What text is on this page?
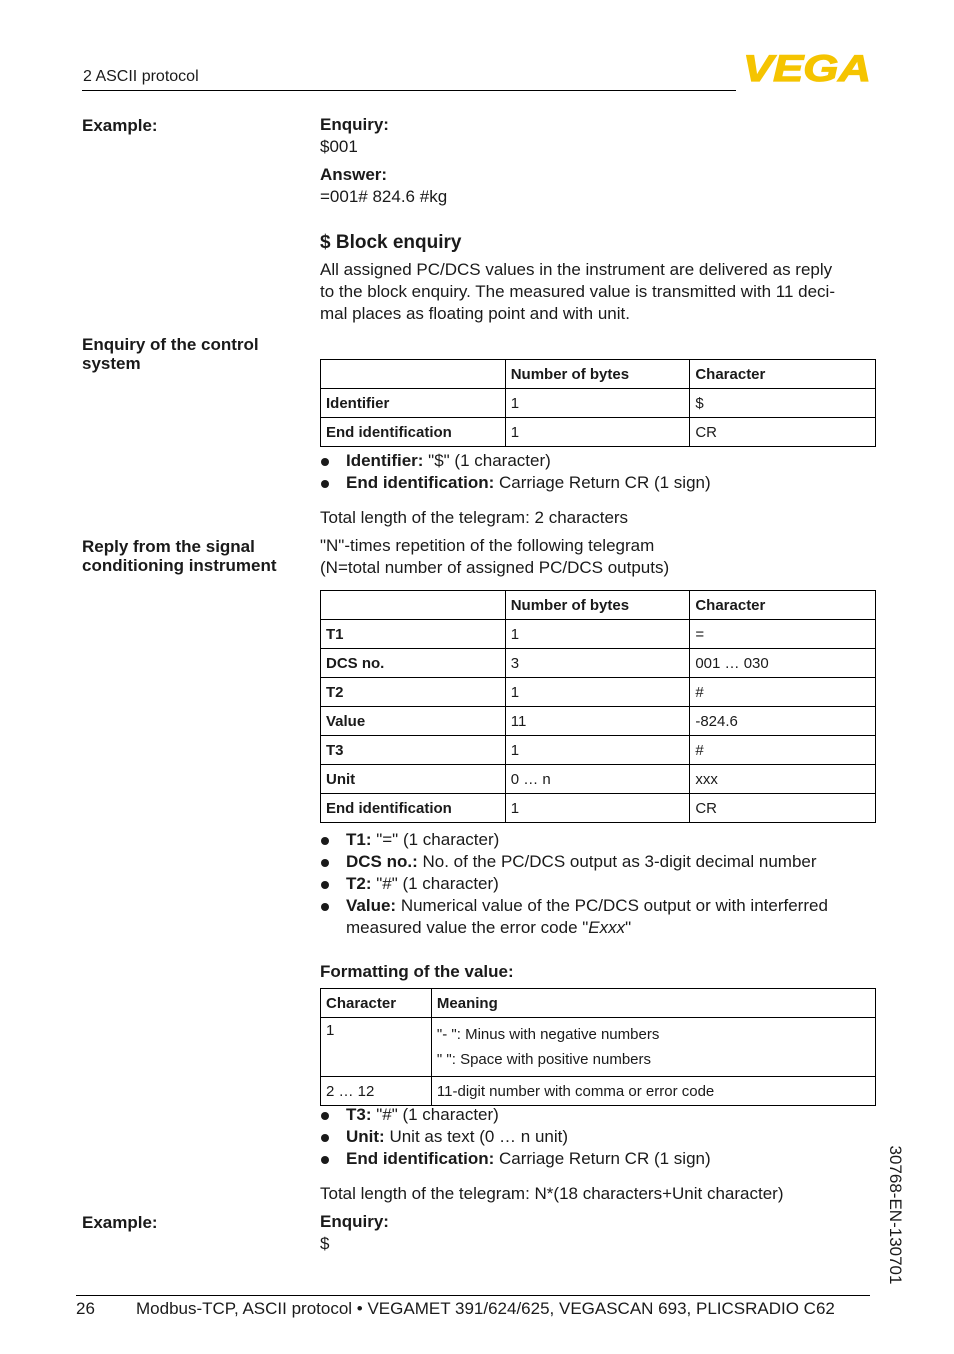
2 ASCII protocol	VEGA
Example:	Enquiry:
$001
Answer:
=001# 824.6 #kg
$ Block enquiry
All assigned PC/DCS values in the instrument are delivered as reply
to the block enquiry. The measured value is transmitted with 11 deci-
mal places as floating point and with unit.
Enquiry of the control
system
	Number of bytes	Character
Identifier	1	$
End identification	1	CR
Identifier: "$" (1 character)
End identification: Carriage Return CR (1 sign)
Total length of the telegram: 2 characters
Reply from the signal
conditioning instrument
"N"-times repetition of the following telegram
(N=total number of assigned PC/DCS outputs)
	Number of bytes	Character
T1	1	=
DCS no.	3	001 … 030
T2	1	#
Value	11	-824.6
T3	1	#
Unit	0 … n	xxx
End identification	1	CR
T1: "=" (1 character)
DCS no.: No. of the PC/DCS output as 3-digit decimal number
T2: "#" (1 character)
Value: Numerical value of the PC/DCS output or with interferred
measured value the error code "Exxx"
Formatting of the value:
Character	Meaning
1	"- ": Minus with negative numbers
" ": Space with positive numbers

2 … 12	11-digit number with comma or error code
T3: "#" (1 character)
Unit: Unit as text (0 … n unit)
End identification: Carriage Return CR (1 sign)
Total length of the telegram: N*(18 characters+Unit character)
Example:	Enquiry:
$	30768-EN-130701
26 Modbus-TCP, ASCII protocol • VEGAMET 391/624/625, VEGASCAN 693, PLICSRADIO C62
